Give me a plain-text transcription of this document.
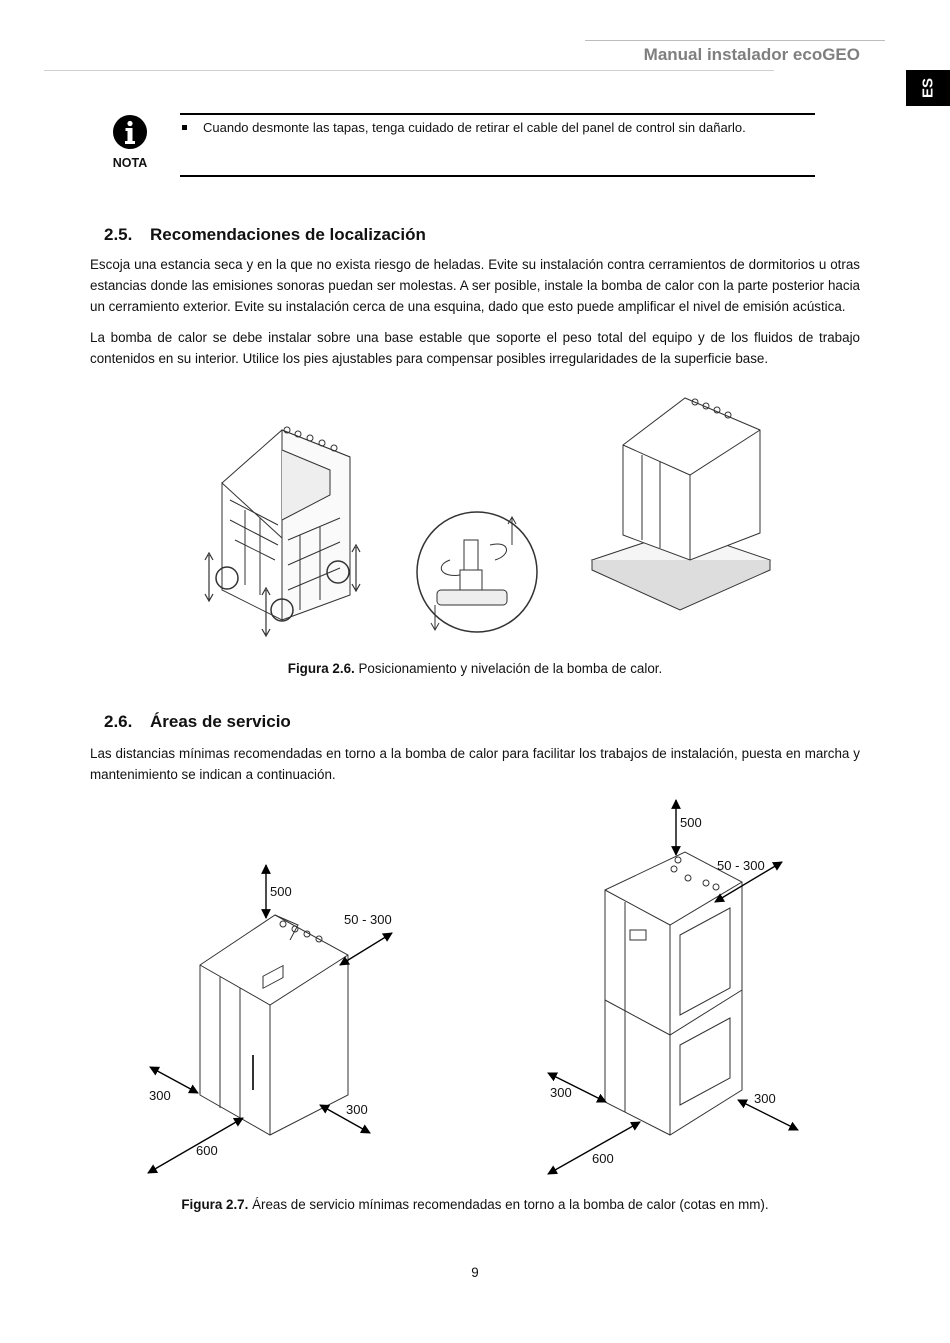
Manual instalador ecoGEO
ES
NOTA
Cuando desmonte las tapas, tenga cuidado de retirar el cable del panel de control sin dañarlo.
2.5. Recomendaciones de localización
Escoja una estancia seca y en la que no exista riesgo de heladas. Evite su instalación contra cerramientos de dormitorios u otras estancias donde las emisiones sonoras puedan ser molestas. A ser posible, instale la bomba de calor con la parte posterior hacia un cerramiento exterior. Evite su instalación cerca de una esquina, dado que esto puede amplificar el nivel de emisión acústica.
La bomba de calor se debe instalar sobre una base estable que soporte el peso total del equipo y de los fluidos de trabajo contenidos en su interior. Utilice los pies ajustables para compensar posibles irregularidades de la superficie base.
Figura 2.6. Posicionamiento y nivelación de la bomba de calor.
2.6. Áreas de servicio
Las distancias mínimas recomendadas en torno a la bomba de calor para facilitar los trabajos de instalación, puesta en marcha y mantenimiento se indican a continuación.
500
50 - 300
300
300
600
500
50 - 300
300	300
600
Figura 2.7. Áreas de servicio mínimas recomendadas en torno a la bomba de calor (cotas en mm).
9
